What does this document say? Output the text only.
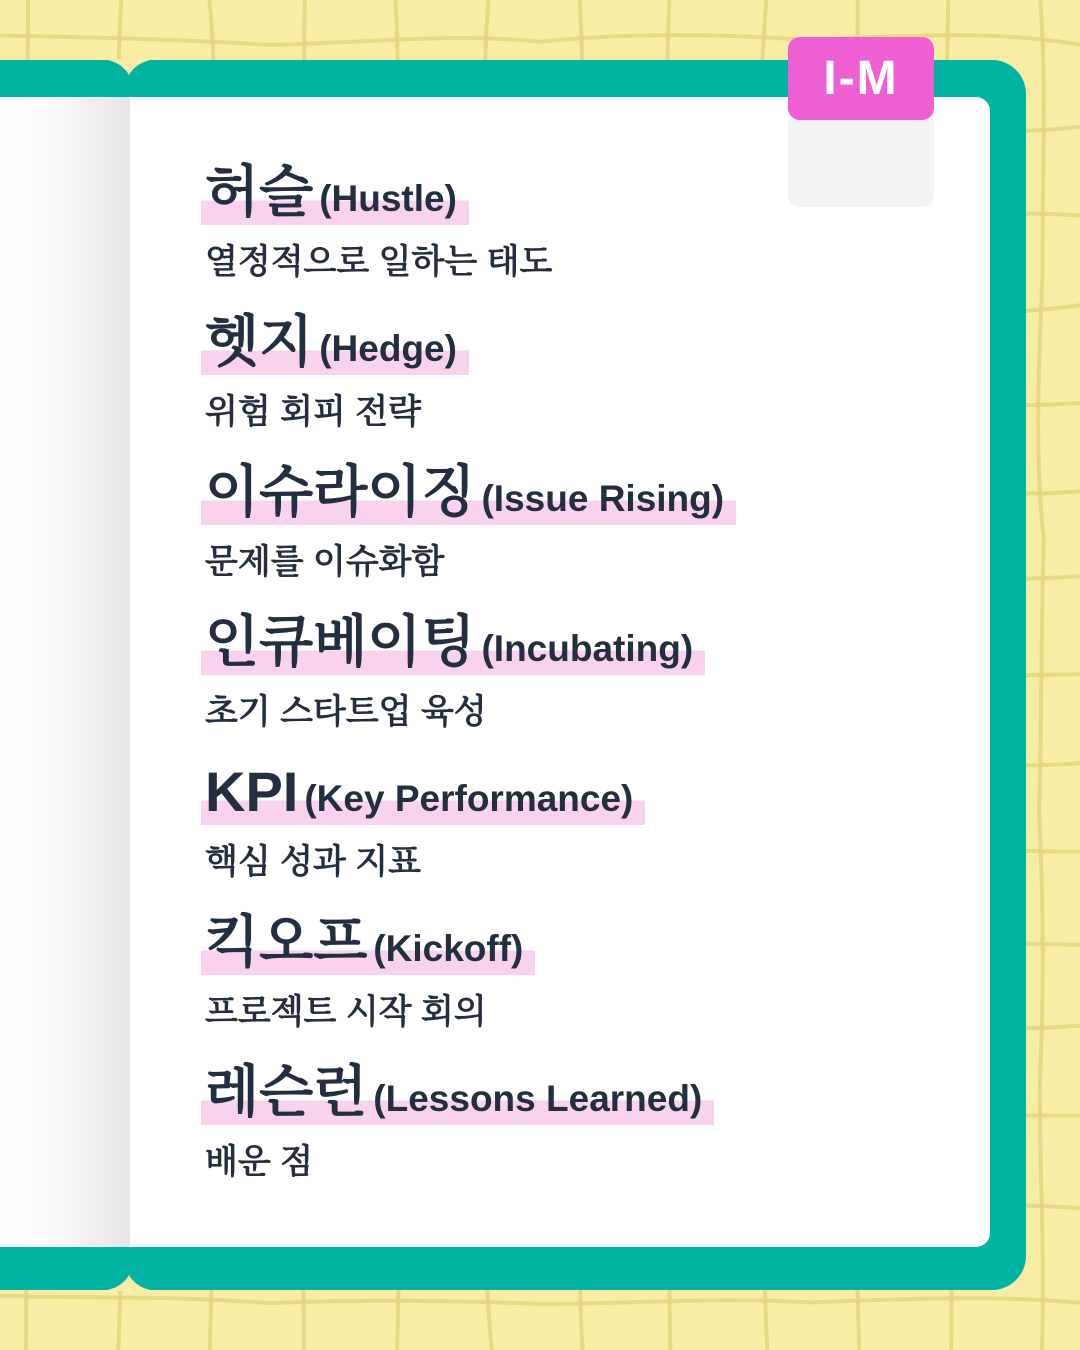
I-M
허슬 (Hustle)
열정적으로 일하는 태도
헷지 (Hedge)
위험 회피 전략
이슈라이징 (Issue Rising)
문제를 이슈화함
인큐베이팅 (Incubating)
초기 스타트업 육성
KPI (Key Performance)
핵심 성과 지표
킥오프 (Kickoff)
프로젝트 시작 회의
레슨런 (Lessons Learned)
배운 점
